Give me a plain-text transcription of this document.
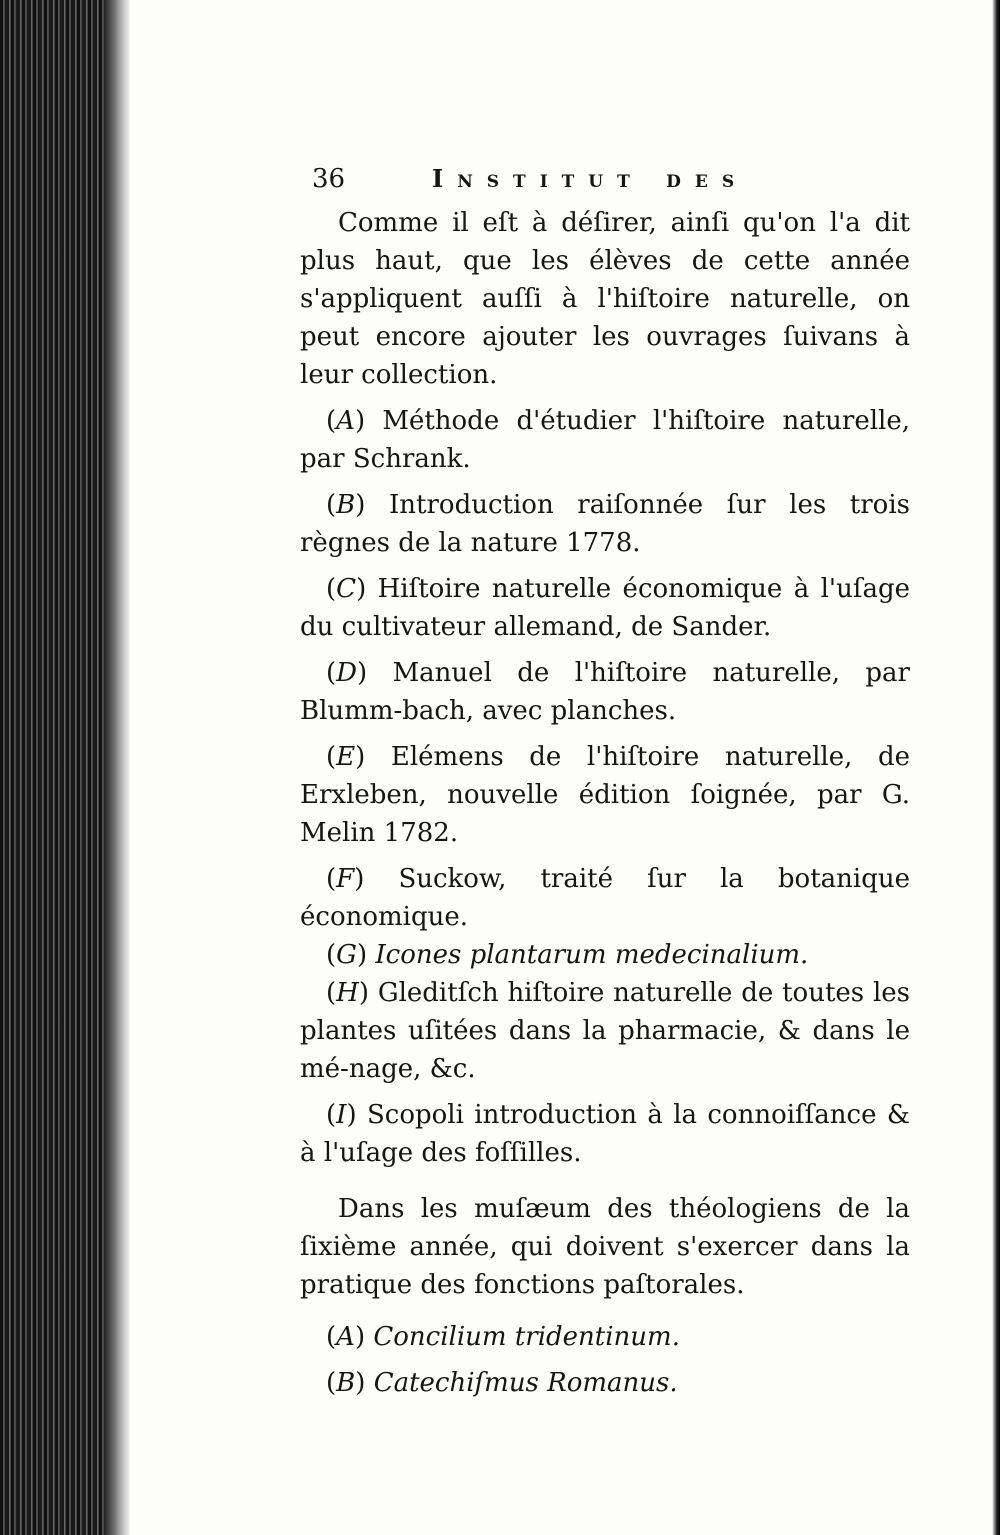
36	Institut des

Comme il eſt à déſirer, ainſi qu'on l'a dit plus haut, que les élèves de cette année s'appliquent auſſi à l'hiſtoire naturelle, on peut encore ajouter les ouvrages ſuivans à leur collection.

(A) Méthode d'étudier l'hiſtoire naturelle, par Schrank.

(B) Introduction raiſonnée ſur les trois règnes de la nature 1778.

(C) Hiſtoire naturelle économique à l'uſage du cultivateur allemand, de Sander.

(D) Manuel de l'hiſtoire naturelle, par Blumm-bach, avec planches.

(E) Elémens de l'hiſtoire naturelle, de Erxleben, nouvelle édition ſoignée, par G. Melin 1782.

(F) Suckow, traité ſur la botanique économique.

(G) Icones plantarum medecinalium.

(H) Gleditſch hiſtoire naturelle de toutes les plantes uſitées dans la pharmacie, & dans le mé-nage, &c.

(I) Scopoli introduction à la connoiſſance & à l'uſage des foſſilles.

Dans les muſæum des théologiens de la ſixième année, qui doivent s'exercer dans la pratique des fonctions paſtorales.

(A) Concilium tridentinum.

(B) Catechiſmus Romanus.
